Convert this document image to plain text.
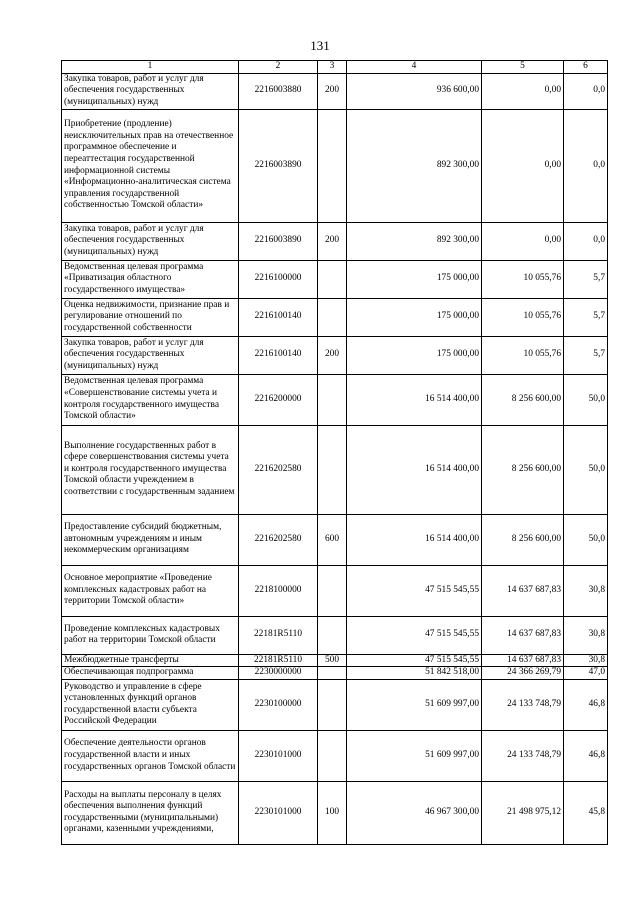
131
1	2	3	4	5	6
Закупка товаров, работ и услуг для обеспечения государственных (муниципальных) нужд	2216003880	200	936 600,00	0,00	0,0
Приобретение (продление) неисключительных прав на отечественное программное обеспечение и переаттестация государственной информационной системы «Информационно-аналитическая система управления государственной собственностью Томской области»	2216003890		892 300,00	0,00	0,0
Закупка товаров, работ и услуг для обеспечения государственных (муниципальных) нужд	2216003890	200	892 300,00	0,00	0,0
Ведомственная целевая программа «Приватизация областного государственного имущества»	2216100000		175 000,00	10 055,76	5,7
Оценка недвижимости, признание прав и регулирование отношений по государственной собственности	2216100140		175 000,00	10 055,76	5,7
Закупка товаров, работ и услуг для обеспечения государственных (муниципальных) нужд	2216100140	200	175 000,00	10 055,76	5,7
Ведомственная целевая программа «Совершенствование системы учета и контроля государственного имущества Томской области»	2216200000		16 514 400,00	8 256 600,00	50,0
Выполнение государственных работ в сфере совершенствования системы учета и контроля государственного имущества Томской области учреждением в соответствии с государственным заданием	2216202580		16 514 400,00	8 256 600,00	50,0
Предоставление субсидий бюджетным, автономным учреждениям и иным некоммерческим организациям	2216202580	600	16 514 400,00	8 256 600,00	50,0
Основное мероприятие «Проведение комплексных кадастровых работ на территории Томской области»	2218100000		47 515 545,55	14 637 687,83	30,8
Проведение комплексных кадастровых работ на территории Томской области	22181R5110		47 515 545,55	14 637 687,83	30,8
Межбюджетные трансферты	22181R5110	500	47 515 545,55	14 637 687,83	30,8
Обеспечивающая подпрограмма	2230000000		51 842 518,00	24 366 269,79	47,0
Руководство и управление в сфере установленных функций органов государственной власти субъекта Российской Федерации	2230100000		51 609 997,00	24 133 748,79	46,8
Обеспечение деятельности органов государственной власти и иных государственных органов Томской области	2230101000		51 609 997,00	24 133 748,79	46,8
Расходы на выплаты персоналу в целях обеспечения выполнения функций государственными (муниципальными) органами, казенными учреждениями,	2230101000	100	46 967 300,00	21 498 975,12	45,8
